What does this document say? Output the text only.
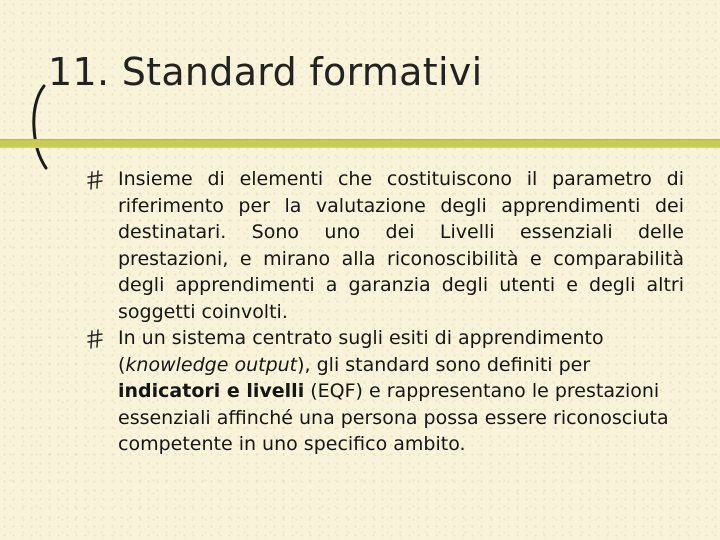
11. Standard formativi
Insieme di elementi che costituiscono il parametro di riferimento per la valutazione degli apprendimenti dei destinatari. Sono uno dei Livelli essenziali delle prestazioni, e mirano alla riconoscibilità e comparabilità degli apprendimenti a garanzia degli utenti e degli altri soggetti coinvolti.
In un sistema centrato sugli esiti di apprendimento (knowledge output), gli standard sono definiti per indicatori e livelli (EQF) e rappresentano le prestazioni essenziali affinché una persona possa essere riconosciuta competente in uno specifico ambito.
